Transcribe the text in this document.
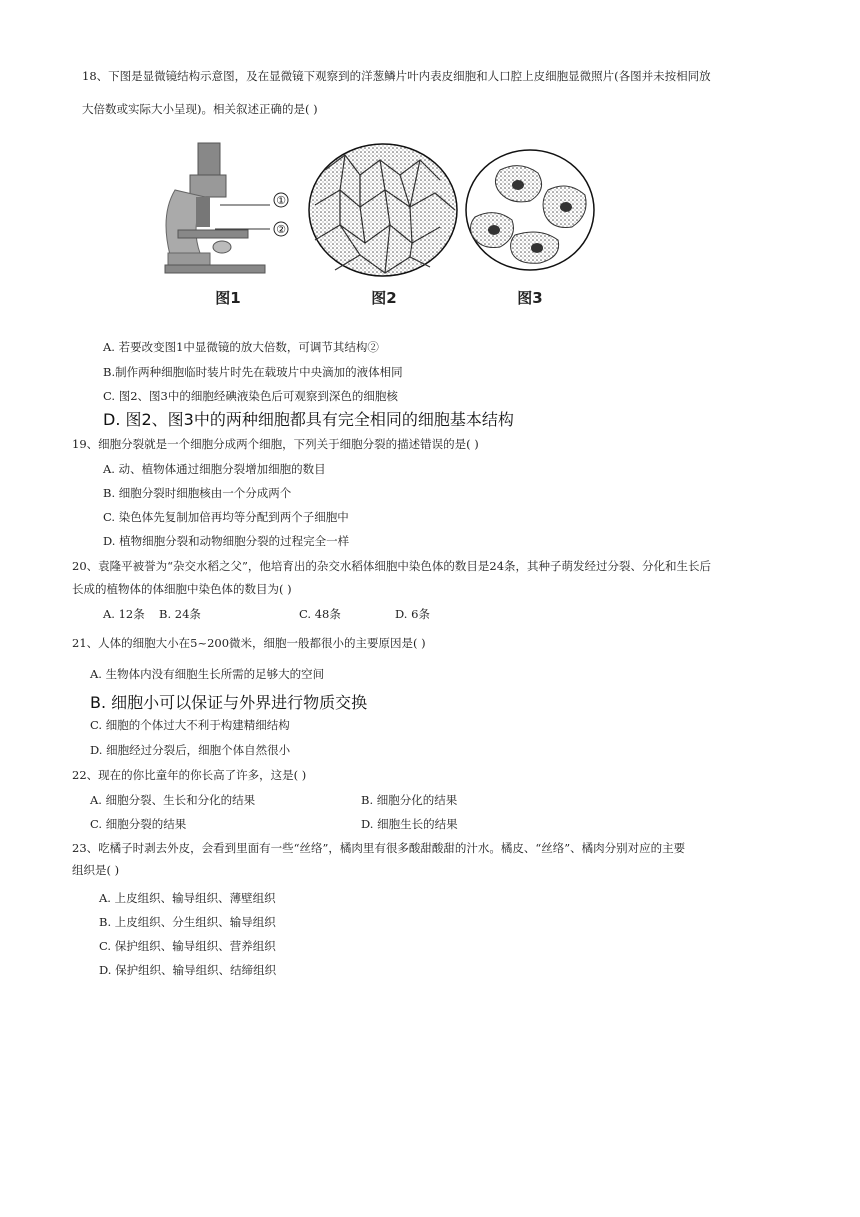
18、下图是显微镜结构示意图，及在显微镜下观察到的洋葱鳞片叶内表皮细胞和人口腔上皮细胞显微照片(各图并未按相同放
大倍数或实际大小呈现)。相关叙述正确的是( )
①
②
图1	图2	图3
A. 若要改变图1中显微镜的放大倍数，可调节其结构②
B.制作两种细胞临时装片时先在载玻片中央滴加的液体相同
C. 图2、图3中的细胞经碘液染色后可观察到深色的细胞核
D. 图2、图3中的两种细胞都具有完全相同的细胞基本结构
19、细胞分裂就是一个细胞分成两个细胞，下列关于细胞分裂的描述错误的是( )
A. 动、植物体通过细胞分裂增加细胞的数目
B. 细胞分裂时细胞核由一个分成两个
C. 染色体先复制加倍再均等分配到两个子细胞中
D. 植物细胞分裂和动物细胞分裂的过程完全一样
20、袁隆平被誉为“杂交水稻之父”，他培育出的杂交水稻体细胞中染色体的数目是24条，其种子萌发经过分裂、分化和生长后
长成的植物体的体细胞中染色体的数目为( )
A. 12条 B. 24条	C. 48条	D. 6条
21、人体的细胞大小在5~200微米，细胞一般都很小的主要原因是( )
A. 生物体内没有细胞生长所需的足够大的空间
B. 细胞小可以保证与外界进行物质交换
C. 细胞的个体过大不利于构建精细结构
D. 细胞经过分裂后，细胞个体自然很小
22、现在的你比童年的你长高了许多，这是( )
A. 细胞分裂、生长和分化的结果	B. 细胞分化的结果
C. 细胞分裂的结果	D. 细胞生长的结果
23、吃橘子时剥去外皮，会看到里面有一些“丝络”，橘肉里有很多酸甜酸甜的汁水。橘皮、“丝络”、橘肉分别对应的主要
组织是( )
A. 上皮组织、输导组织、薄壁组织
B. 上皮组织、分生组织、输导组织
C. 保护组织、输导组织、营养组织
D. 保护组织、输导组织、结缔组织
